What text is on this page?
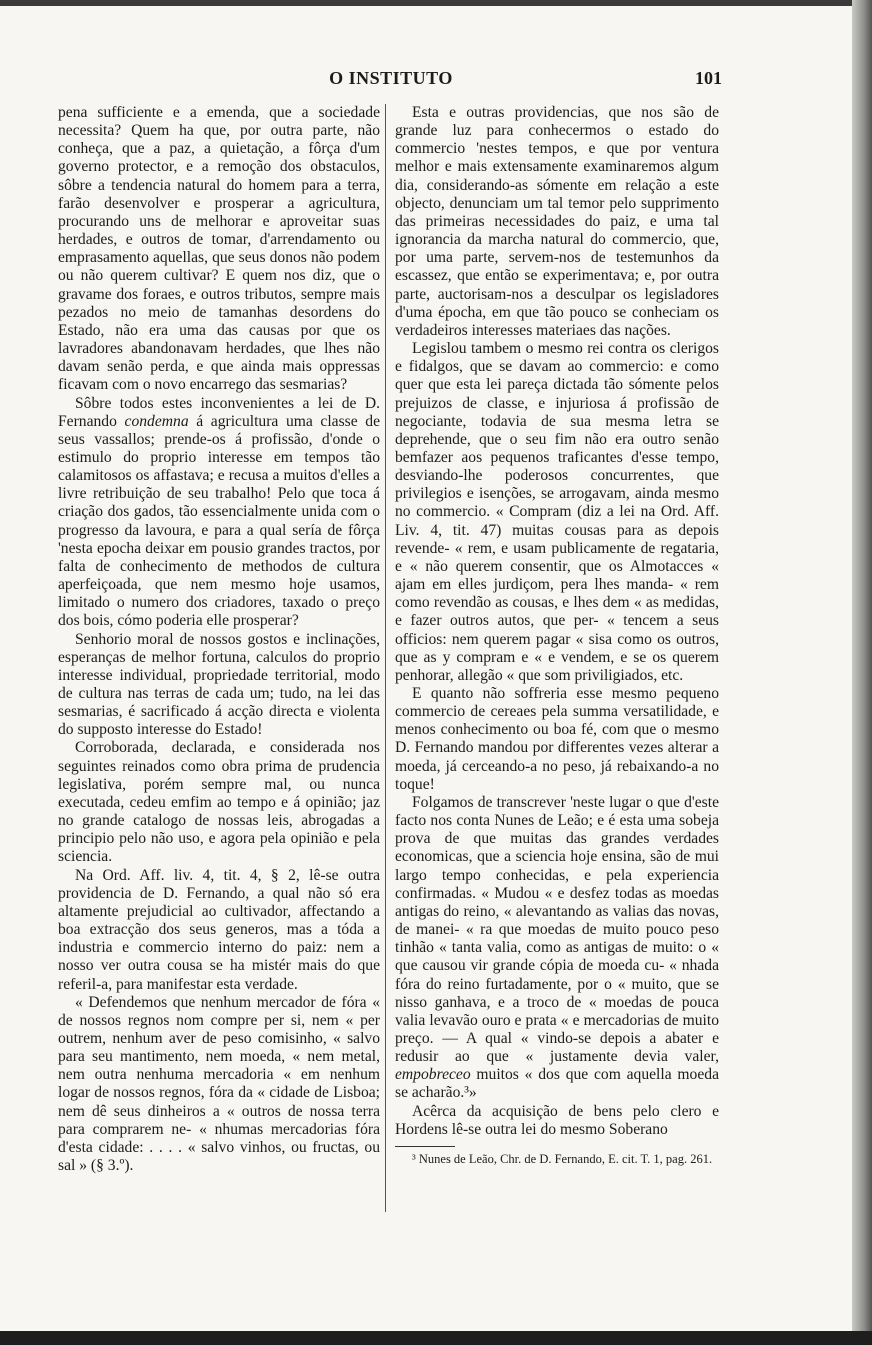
O INSTITUTO	101

pena sufficiente e a emenda, que a sociedade necessita? Quem ha que, por outra parte, não conheça, que a paz, a quietação, a fôrça d'um governo protector, e a remoção dos obstaculos, sôbre a tendencia natural do homem para a terra, farão desenvolver e prosperar a agricultura, procurando uns de melhorar e aproveitar suas herdades, e outros de tomar, d'arrendamento ou emprasamento aquellas, que seus donos não podem ou não querem cultivar? E quem nos diz, que o gravame dos foraes, e outros tributos, sempre mais pezados no meio de tamanhas desordens do Estado, não era uma das causas por que os lavradores abandonavam herdades, que lhes não davam senão perda, e que ainda mais oppressas ficavam com o novo encarrego das sesmarias?

Sôbre todos estes inconvenientes a lei de D. Fernando condemna á agricultura uma classe de seus vassallos; prende-os á profissão, d'onde o estimulo do proprio interesse em tempos tão calamitosos os affastava; e recusa a muitos d'elles a livre retribuição de seu trabalho! Pelo que toca á criação dos gados, tão essencialmente unida com o progresso da lavoura, e para a qual sería de fôrça 'nesta epocha deixar em pousio grandes tractos, por falta de conhecimento de methodos de cultura aperfeiçoada, que nem mesmo hoje usamos, limitado o numero dos criadores, taxado o preço dos bois, cómo poderia elle prosperar?

Senhorio moral de nossos gostos e inclinações, esperanças de melhor fortuna, calculos do proprio interesse individual, propriedade territorial, modo de cultura nas terras de cada um; tudo, na lei das sesmarias, é sacrificado á acção directa e violenta do supposto interesse do Estado!

Corroborada, declarada, e considerada nos seguintes reinados como obra prima de prudencia legislativa, porém sempre mal, ou nunca executada, cedeu emfim ao tempo e á opinião; jaz no grande catalogo de nossas leis, abrogadas a principio pelo não uso, e agora pela opinião e pela sciencia.

Na Ord. Aff. liv. 4, tit. 4, § 2, lê-se outra providencia de D. Fernando, a qual não só era altamente prejudicial ao cultivador, affectando a boa extracção dos seus generos, mas a tóda a industria e commercio interno do paiz: nem a nosso ver outra cousa se ha mistér mais do que referil-a, para manifestar esta verdade.

« Defendemos que nenhum mercador de fóra « de nossos regnos nom compre per si, nem « per outrem, nenhum aver de peso comisinho, « salvo para seu mantimento, nem moeda, « nem metal, nem outra nenhuma mercadoria « em nenhum logar de nossos regnos, fóra da « cidade de Lisboa; nem dê seus dinheiros a « outros de nossa terra para comprarem ne- « nhumas mercadorias fóra d'esta cidade: . . . . « salvo vinhos, ou fructas, ou sal » (§ 3.º).

Esta e outras providencias, que nos são de grande luz para conhecermos o estado do commercio 'nestes tempos, e que por ventura melhor e mais extensamente examinaremos algum dia, considerando-as sómente em relação a este objecto, denunciam um tal temor pelo supprimento das primeiras necessidades do paiz, e uma tal ignorancia da marcha natural do commercio, que, por uma parte, servem-nos de testemunhos da escassez, que então se experimentava; e, por outra parte, auctorisam-nos a desculpar os legisladores d'uma épocha, em que tão pouco se conheciam os verdadeiros interesses materiaes das nações.

Legislou tambem o mesmo rei contra os clerigos e fidalgos, que se davam ao commercio: e como quer que esta lei pareça dictada tão sómente pelos prejuizos de classe, e injuriosa á profissão de negociante, todavia de sua mesma letra se deprehende, que o seu fim não era outro senão bemfazer aos pequenos traficantes d'esse tempo, desviando-lhe poderosos concurrentes, que privilegios e isenções, se arrogavam, ainda mesmo no commercio. « Compram (diz a lei na Ord. Aff. Liv. 4, tit. 47) muitas cousas para as depois revende- « rem, e usam publicamente de regataria, e « não querem consentir, que os Almotacces « ajam em elles jurdiçom, pera lhes manda- « rem como revendão as cousas, e lhes dem « as medidas, e fazer outros autos, que per- « tencem a seus officios: nem querem pagar « sisa como os outros, que as y compram e « e vendem, e se os querem penhorar, allegão « que som priviligiados, etc.

E quanto não soffreria esse mesmo pequeno commercio de cereaes pela summa versatilidade, e menos conhecimento ou boa fé, com que o mesmo D. Fernando mandou por differentes vezes alterar a moeda, já cerceando-a no peso, já rebaixando-a no toque!

Folgamos de transcrever 'neste lugar o que d'este facto nos conta Nunes de Leão; e é esta uma sobeja prova de que muitas das grandes verdades economicas, que a sciencia hoje ensina, são de mui largo tempo conhecidas, e pela experiencia confirmadas. « Mudou « e desfez todas as moedas antigas do reino, « alevantando as valias das novas, de manei- « ra que moedas de muito pouco peso tinhão « tanta valia, como as antigas de muito: o « que causou vir grande cópia de moeda cu- « nhada fóra do reino furtadamente, por o « muito, que se nisso ganhava, e a troco de « moedas de pouca valia levavão ouro e prata « e mercadorias de muito preço. — A qual « vindo-se depois a abater e redusir ao que « justamente devia valer, empobreceo muitos « dos que com aquella moeda se acharão.³»

Acêrca da acquisição de bens pelo clero e Hordens lê-se outra lei do mesmo Soberano

³ Nunes de Leão, Chr. de D. Fernando, E. cit. T. 1, pag. 261.
